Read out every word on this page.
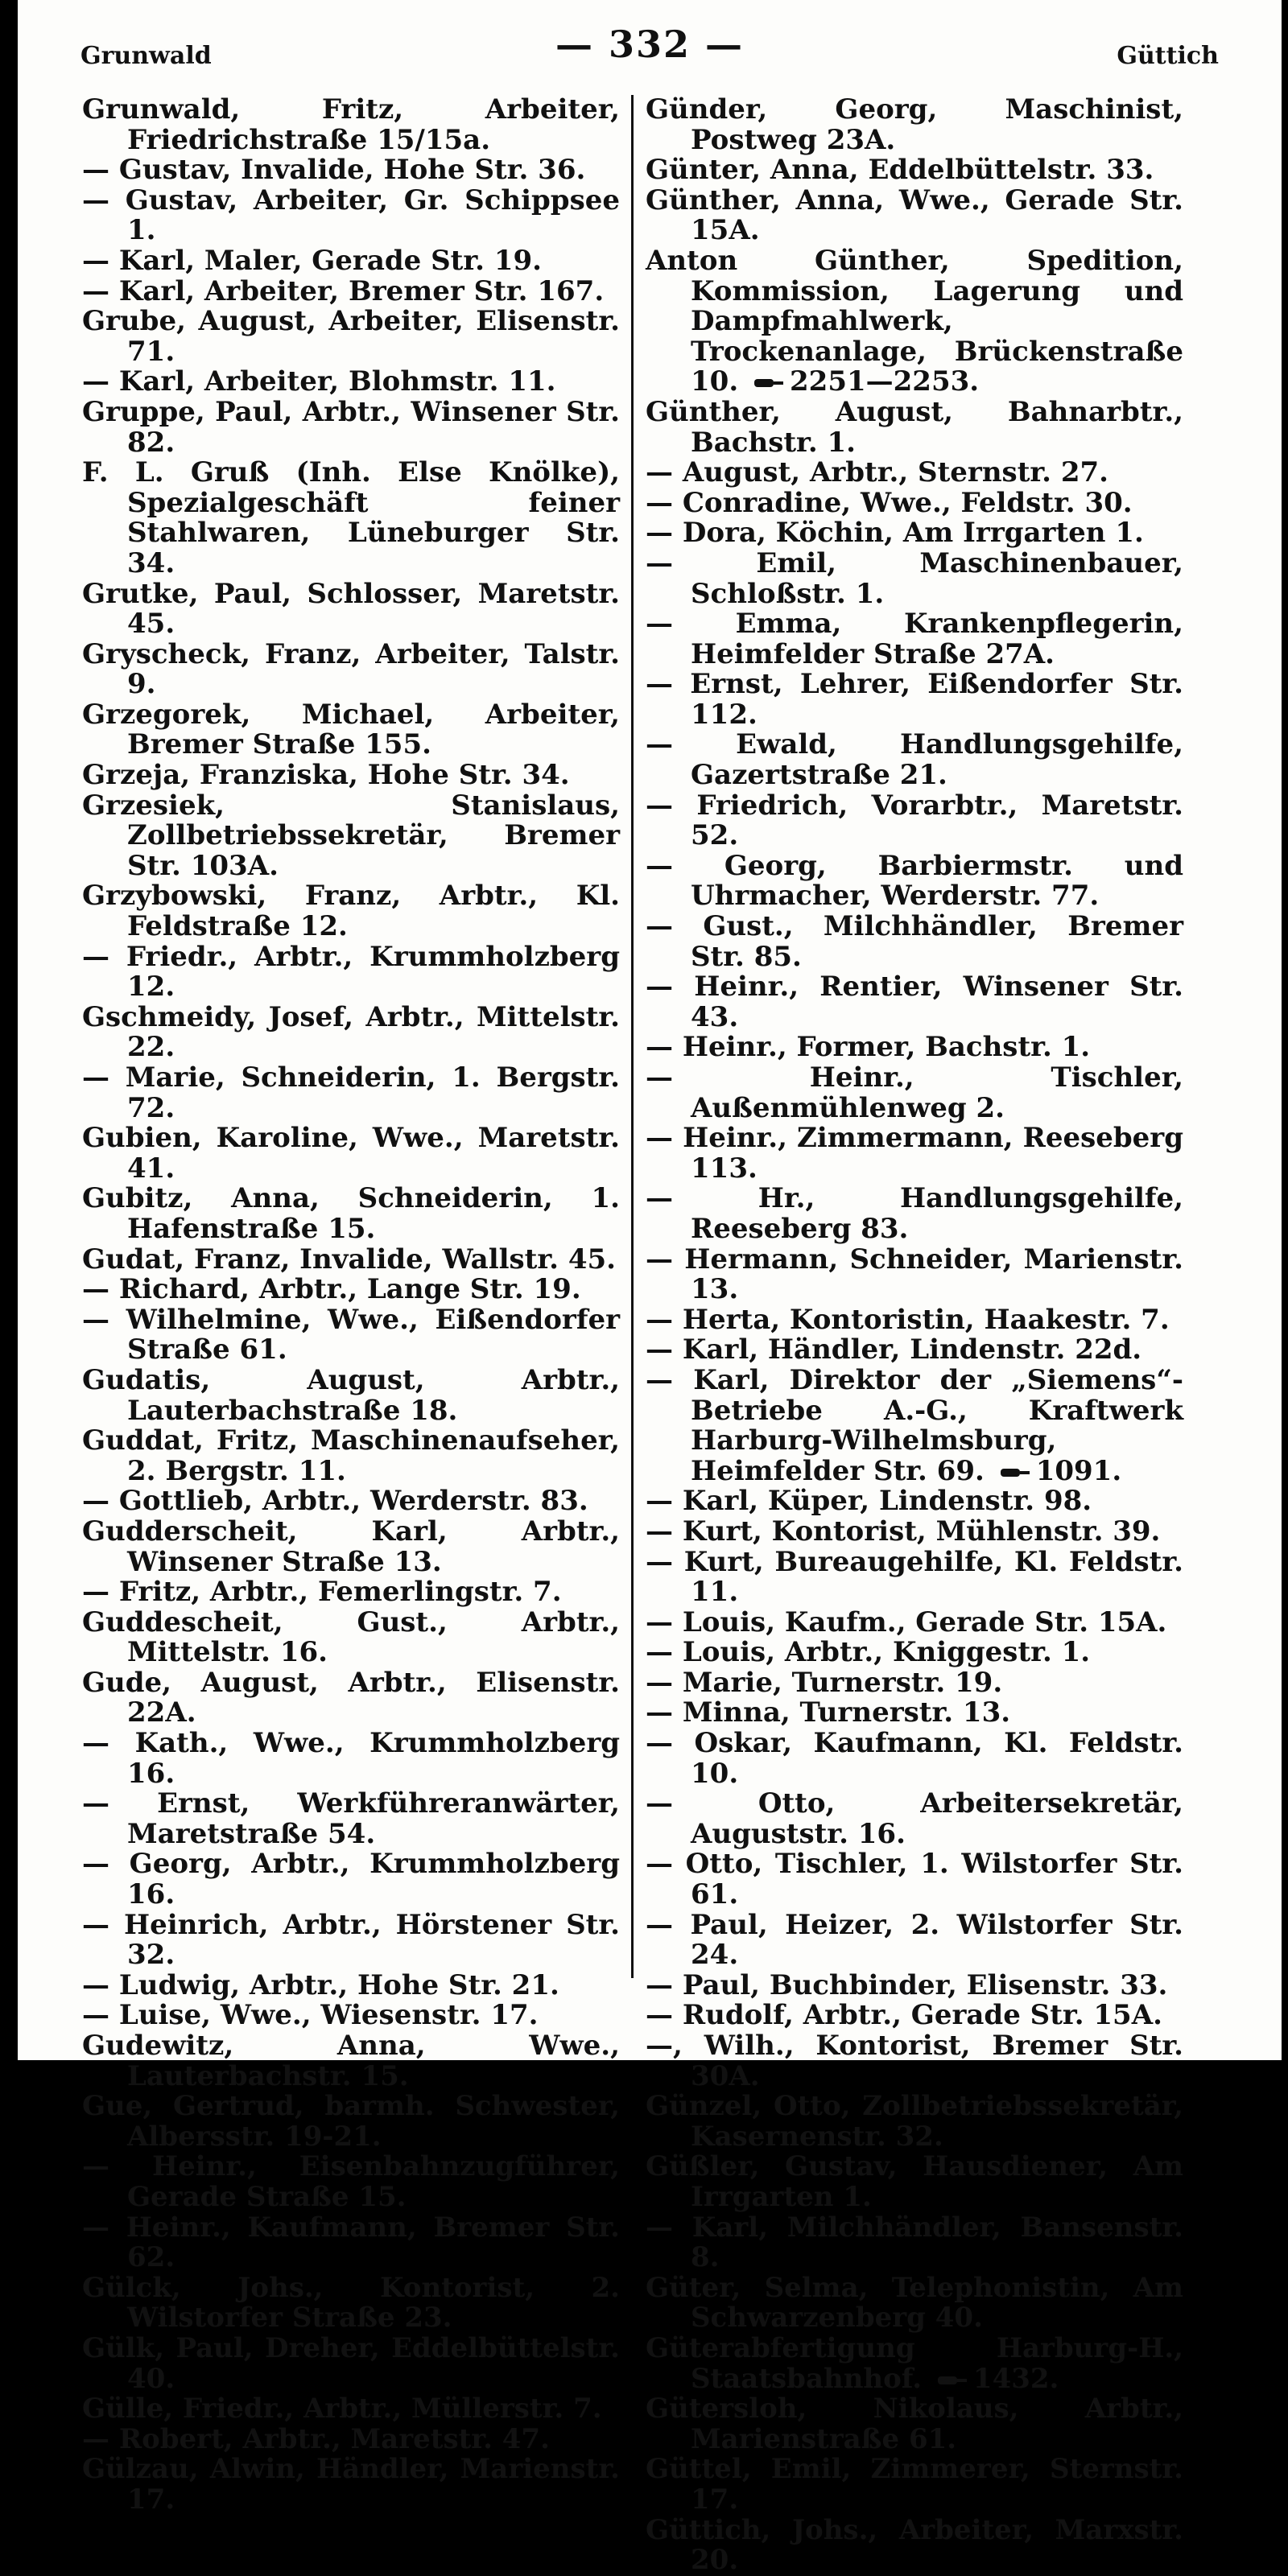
Grunwald	— 332 —	Güttich

Grunwald, Fritz, Arbeiter, Friedrichstraße 15/15a.

— Gustav, Invalide, Hohe Str. 36.

— Gustav, Arbeiter, Gr. Schippsee 1.

— Karl, Maler, Gerade Str. 19.

— Karl, Arbeiter, Bremer Str. 167.

Grube, August, Arbeiter, Elisenstr. 71.

— Karl, Arbeiter, Blohmstr. 11.

Gruppe, Paul, Arbtr., Winsener Str. 82.

F. L. Gruß (Inh. Else Knölke), Spezialgeschäft feiner Stahlwaren, Lüneburger Str. 34.

Grutke, Paul, Schlosser, Maretstr. 45.

Gryscheck, Franz, Arbeiter, Talstr. 9.

Grzegorek, Michael, Arbeiter, Bremer Straße 155.

Grzeja, Franziska, Hohe Str. 34.

Grzesiek, Stanislaus, Zollbetriebssekretär, Bremer Str. 103A.

Grzybowski, Franz, Arbtr., Kl. Feldstraße 12.

— Friedr., Arbtr., Krummholzberg 12.

Gschmeidy, Josef, Arbtr., Mittelstr. 22.

— Marie, Schneiderin, 1. Bergstr. 72.

Gubien, Karoline, Wwe., Maretstr. 41.

Gubitz, Anna, Schneiderin, 1. Hafenstraße 15.

Gudat, Franz, Invalide, Wallstr. 45.

— Richard, Arbtr., Lange Str. 19.

— Wilhelmine, Wwe., Eißendorfer Straße 61.

Gudatis, August, Arbtr., Lauterbachstraße 18.

Guddat, Fritz, Maschinenaufseher, 2. Bergstr. 11.

— Gottlieb, Arbtr., Werderstr. 83.

Gudderscheit, Karl, Arbtr., Winsener Straße 13.

— Fritz, Arbtr., Femerlingstr. 7.

Guddescheit, Gust., Arbtr., Mittelstr. 16.

Gude, August, Arbtr., Elisenstr. 22A.

— Kath., Wwe., Krummholzberg 16.

— Ernst, Werkführeranwärter, Maretstraße 54.

— Georg, Arbtr., Krummholzberg 16.

— Heinrich, Arbtr., Hörstener Str. 32.

— Ludwig, Arbtr., Hohe Str. 21.

— Luise, Wwe., Wiesenstr. 17.

Gudewitz, Anna, Wwe., Lauterbachstr. 15.

Gue, Gertrud, barmh. Schwester, Albersstr. 19-21.

— Heinr., Eisenbahnzugführer, Gerade Straße 15.

— Heinr., Kaufmann, Bremer Str. 62.

Gülck, Johs., Kontorist, 2. Wilstorfer Straße 23.

Gülk, Paul, Dreher, Eddelbüttelstr. 40.

Gülle, Friedr., Arbtr., Müllerstr. 7.

— Robert, Arbtr., Maretstr. 47.

Gülzau, Alwin, Händler, Marienstr. 17.

Günder, Georg, Maschinist, Postweg 23A.

Günter, Anna, Eddelbüttelstr. 33.

Günther, Anna, Wwe., Gerade Str. 15A.

Anton Günther, Spedition, Kommission, Lagerung und Dampfmahlwerk, Trockenanlage, Brückenstraße 10. 2251—2253.

Günther, August, Bahnarbtr., Bachstr. 1.

— August, Arbtr., Sternstr. 27.

— Conradine, Wwe., Feldstr. 30.

— Dora, Köchin, Am Irrgarten 1.

— Emil, Maschinenbauer, Schloßstr. 1.

— Emma, Krankenpflegerin, Heimfelder Straße 27A.

— Ernst, Lehrer, Eißendorfer Str. 112.

— Ewald, Handlungsgehilfe, Gazertstraße 21.

— Friedrich, Vorarbtr., Maretstr. 52.

— Georg, Barbiermstr. und Uhrmacher, Werderstr. 77.

— Gust., Milchhändler, Bremer Str. 85.

— Heinr., Rentier, Winsener Str. 43.

— Heinr., Former, Bachstr. 1.

— Heinr., Tischler, Außenmühlenweg 2.

— Heinr., Zimmermann, Reeseberg 113.

— Hr., Handlungsgehilfe, Reeseberg 83.

— Hermann, Schneider, Marienstr. 13.

— Herta, Kontoristin, Haakestr. 7.

— Karl, Händler, Lindenstr. 22d.

— Karl, Direktor der „Siemens“-Betriebe A.-G., Kraftwerk Harburg-Wilhelmsburg, Heimfelder Str. 69. 1091.

— Karl, Küper, Lindenstr. 98.

— Kurt, Kontorist, Mühlenstr. 39.

— Kurt, Bureaugehilfe, Kl. Feldstr. 11.

— Louis, Kaufm., Gerade Str. 15A.

— Louis, Arbtr., Kniggestr. 1.

— Marie, Turnerstr. 19.

— Minna, Turnerstr. 13.

— Oskar, Kaufmann, Kl. Feldstr. 10.

— Otto, Arbeitersekretär, Auguststr. 16.

— Otto, Tischler, 1. Wilstorfer Str. 61.

— Paul, Heizer, 2. Wilstorfer Str. 24.

— Paul, Buchbinder, Elisenstr. 33.

— Rudolf, Arbtr., Gerade Str. 15A.

—, Wilh., Kontorist, Bremer Str. 30A.

Günzel, Otto, Zollbetriebssekretär, Kasernenstr. 32.

Güßler, Gustav, Hausdiener, Am Irrgarten 1.

— Karl, Milchhändler, Bansenstr. 8.

Güter, Selma, Telephonistin, Am Schwarzenberg 40.

Güterabfertigung Harburg-H., Staatsbahnhof. 1432.

Gütersloh, Nikolaus, Arbtr., Marienstraße 61.

Güttel, Emil, Zimmerer, Sternstr. 17.

Güttich, Johs., Arbeiter, Marxstr. 20.
